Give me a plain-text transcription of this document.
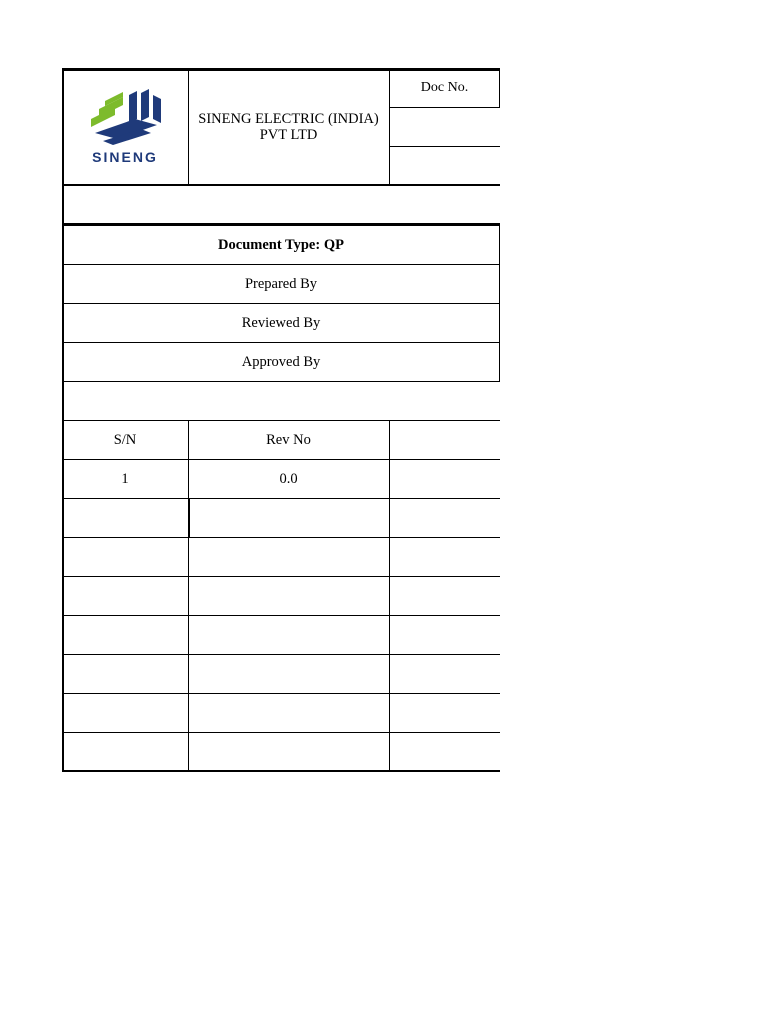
SINENG
SINENG ELECTRIC (INDIA) PVT LTD
Doc No.
Document Type: QP
Prepared By
Reviewed By
Approved By
S/N	Rev No
1	0.0
